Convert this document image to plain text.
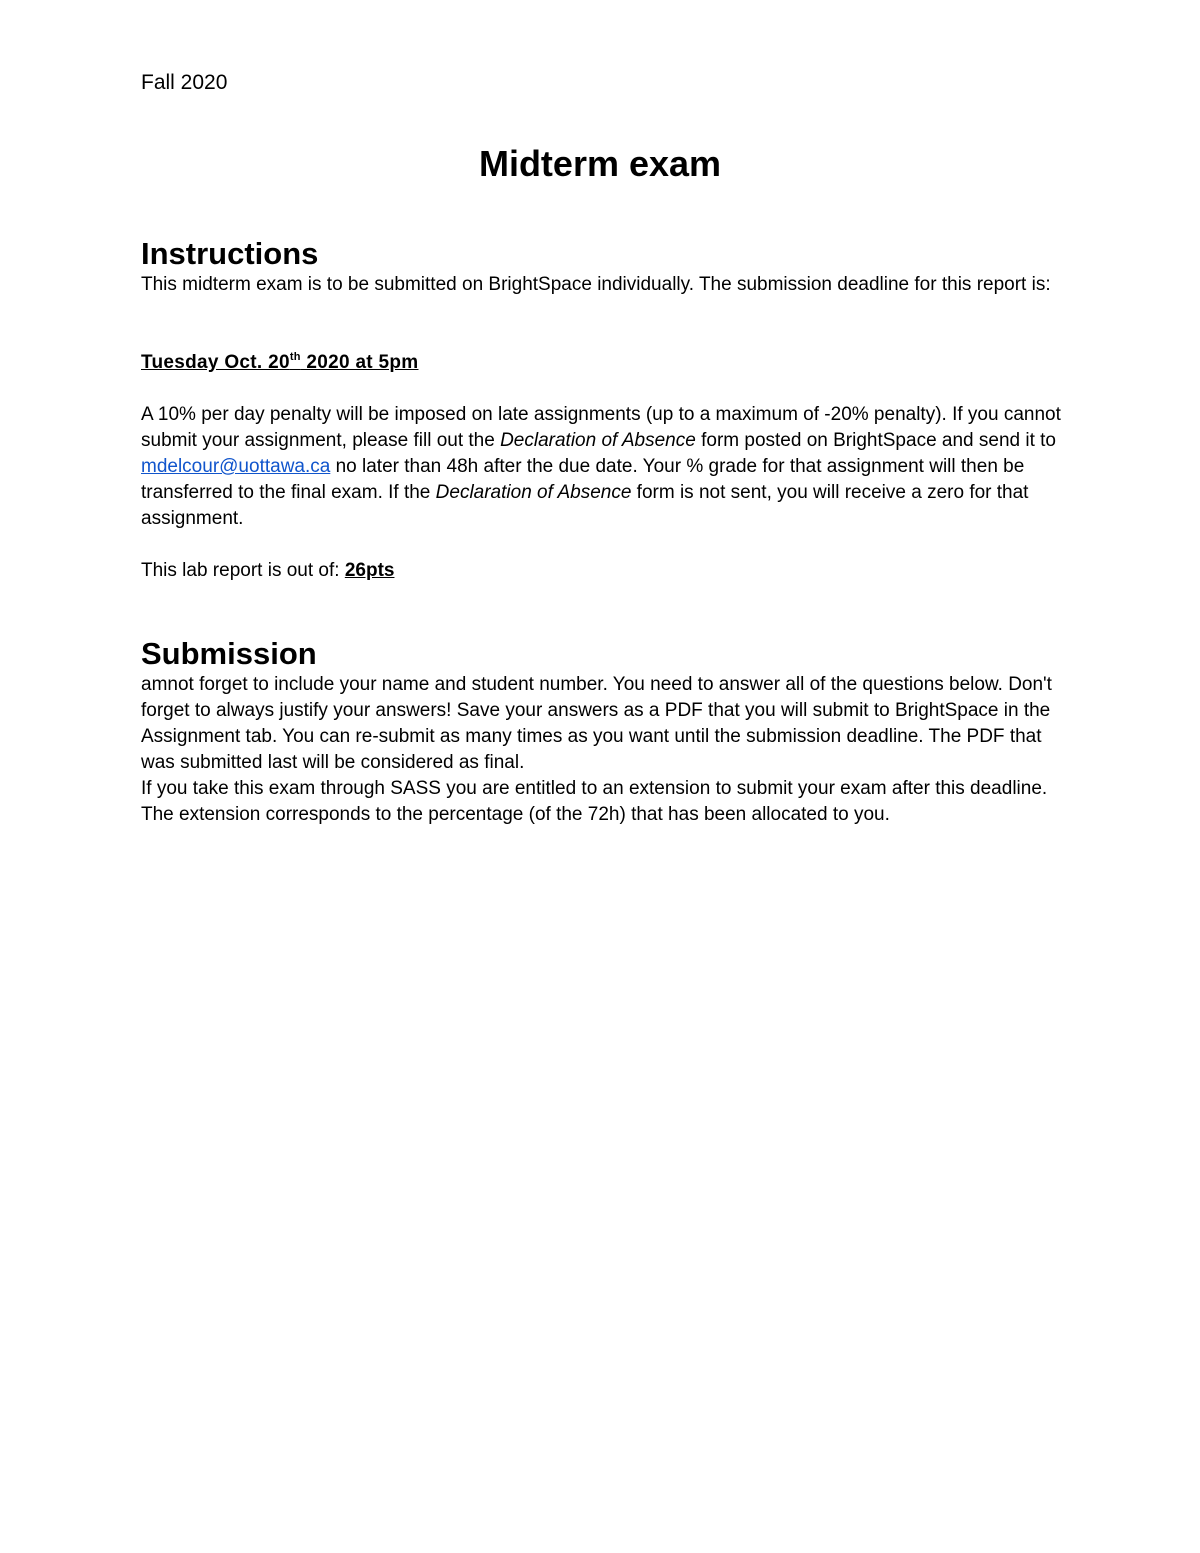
Fall 2020

Midterm exam
Instructions

This midterm exam is to be submitted on BrightSpace individually. The submission deadline for this report is:

Tuesday Oct. 20th 2020 at 5pm

A 10% per day penalty will be imposed on late assignments (up to a maximum of -20% penalty). If you cannot submit your assignment, please fill out the Declaration of Absence form posted on BrightSpace and send it to mdelcour@uottawa.ca no later than 48h after the due date. Your % grade for that assignment will then be transferred to the final exam. If the Declaration of Absence form is not sent, you will receive a zero for that assignment.

This lab report is out of: 26pts

Submission

amnot forget to include your name and student number. You need to answer all of the questions below. Don't forget to always justify your answers! Save your answers as a PDF that you will submit to BrightSpace in the Assignment tab. You can re-submit as many times as you want until the submission deadline. The PDF that was submitted last will be considered as final.

If you take this exam through SASS you are entitled to an extension to submit your exam after this deadline. The extension corresponds to the percentage (of the 72h) that has been allocated to you.
